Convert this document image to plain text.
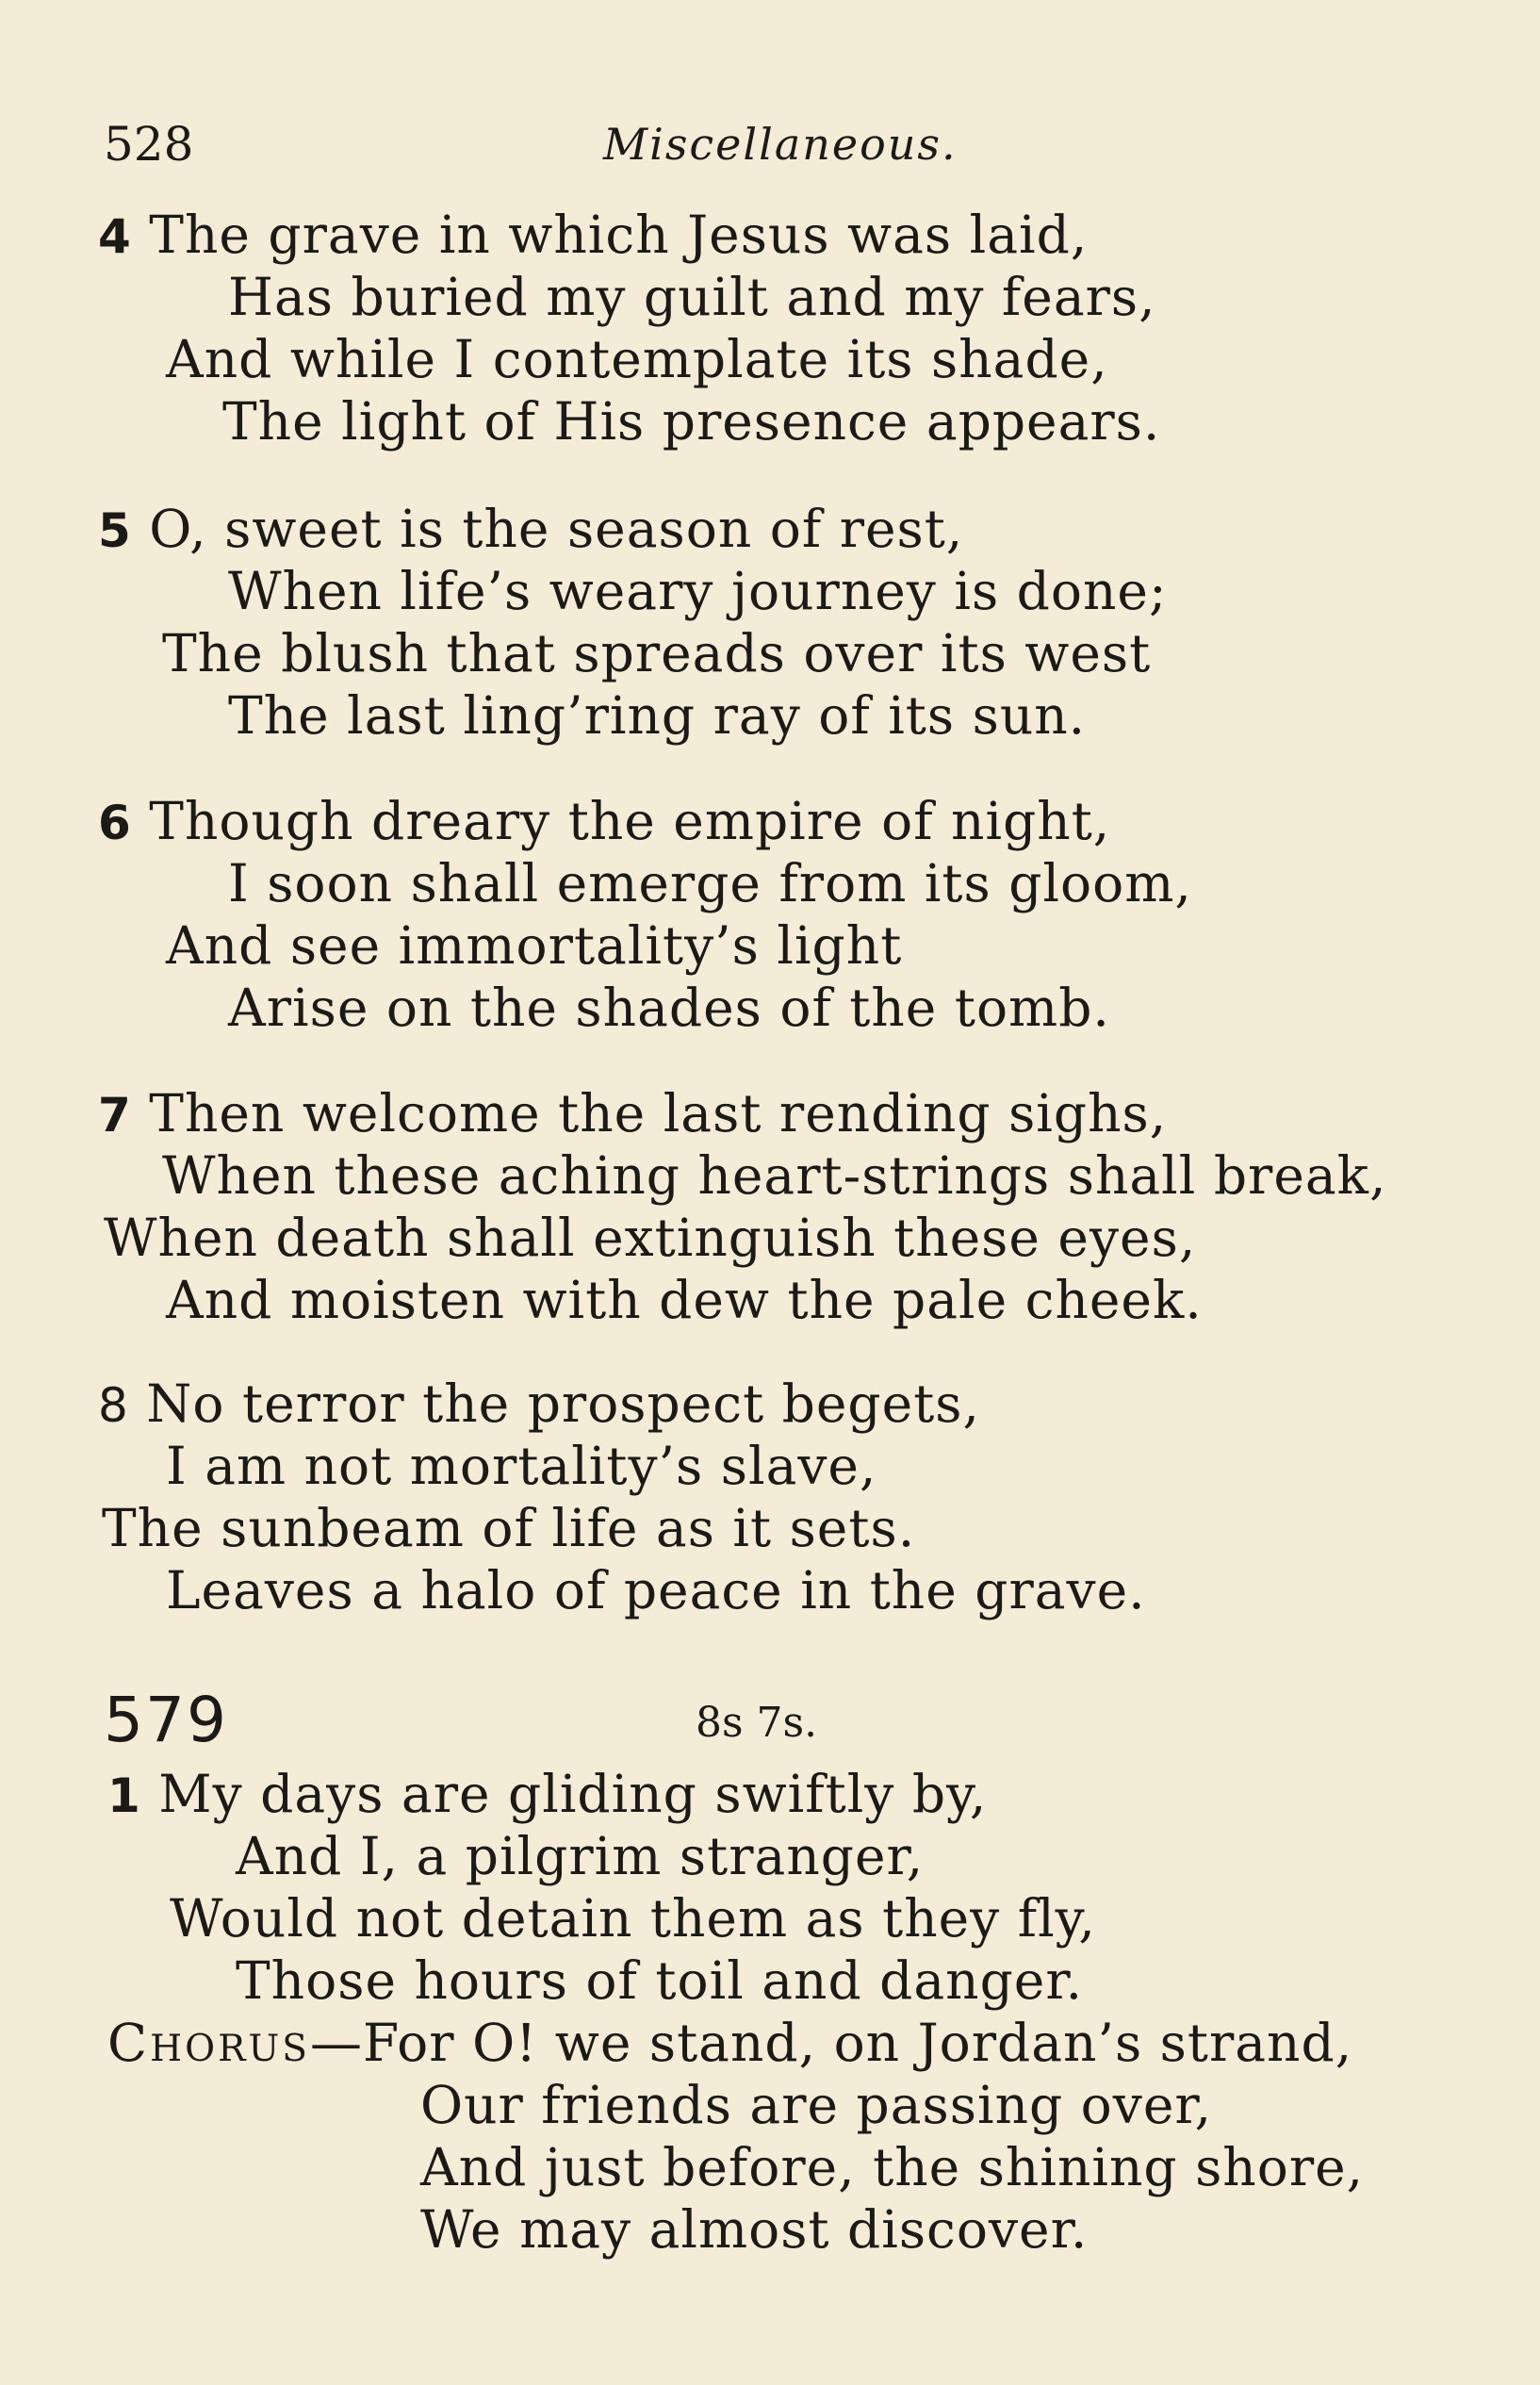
528	Miscellaneous.
4 The grave in which Jesus was laid,
Has buried my guilt and my fears,
And while I contemplate its shade,
The light of His presence appears.
5 O, sweet is the season of rest,
When life’s weary journey is done;
The blush that spreads over its west
The last ling’ring ray of its sun.
6 Though dreary the empire of night,
I soon shall emerge from its gloom,
And see immortality’s light
Arise on the shades of the tomb.
7 Then welcome the last rending sighs,
When these aching heart-strings shall break,
When death shall extinguish these eyes,
And moisten with dew the pale cheek.
8 No terror the prospect begets,
I am not mortality’s slave,
The sunbeam of life as it sets.
Leaves a halo of peace in the grave.
579	8s 7s.
1 My days are gliding swiftly by,
And I, a pilgrim stranger,
Would not detain them as they fly,
Those hours of toil and danger.
Chorus—For O! we stand, on Jordan’s strand,
Our friends are passing over,
And just before, the shining shore,
We may almost discover.
